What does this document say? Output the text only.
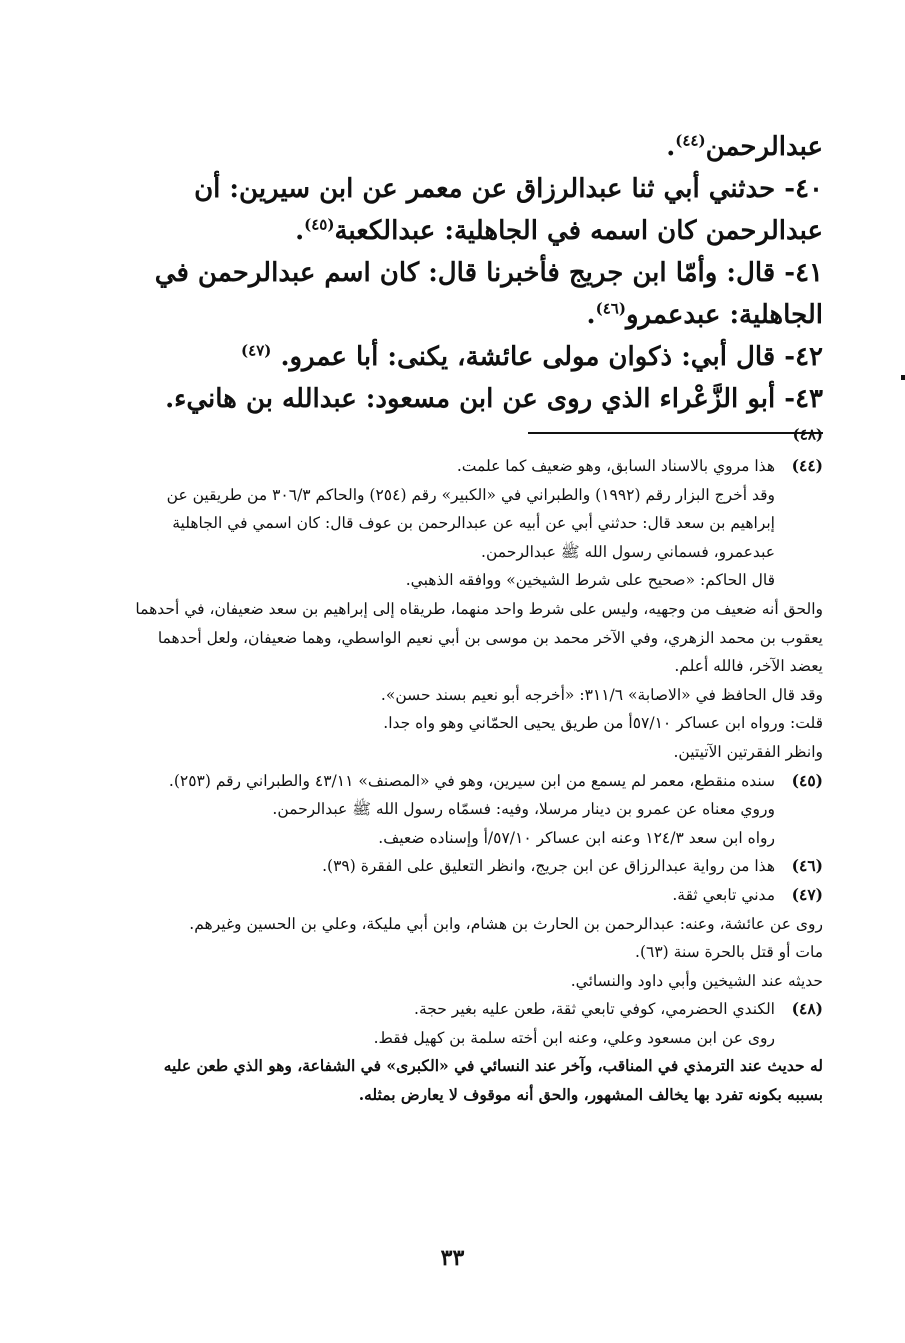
عبدالرحمن$^{(٤٤)}$.

٤٠- حدثني أبي ثنا عبدالرزاق عن معمر عن ابن سيرين: أن عبدالرحمن كان اسمه في الجاهلية: عبدالكعبة$^{(٤٥)}$.

٤١- قال: وأمّا ابن جريج فأخبرنا قال: كان اسم عبدالرحمن في الجاهلية: عبدعمرو$^{(٤٦)}$.

٤٢- قال أبي: ذكوان مولى عائشة، يكنى: أبا عمرو. $^{(٤٧)}$

٤٣- أبو الزَّعْراء الذي روى عن ابن مسعود: عبدالله بن هانيء. $^{(٤٨)}$

(٤٤)

هذا مروي بالاسناد السابق، وهو ضعيف كما علمت.

وقد أخرج البزار رقم (١٩٩٢) والطبراني في «الكبير» رقم (٢٥٤) والحاكم ٣٠٦/٣ من طريقين عن إبراهيم بن سعد قال: حدثني أبي عن أبيه عن عبدالرحمن بن عوف قال: كان اسمي في الجاهلية عبدعمرو، فسماني رسول الله ﷺ عبدالرحمن.

قال الحاكم: «صحيح على شرط الشيخين» ووافقه الذهبي.

والحق أنه ضعيف من وجهيه، وليس على شرط واحد منهما، طريقاه إلى إبراهيم بن سعد ضعيفان، في أحدهما يعقوب بن محمد الزهري، وفي الآخر محمد بن موسى بن أبي نعيم الواسطي، وهما ضعيفان، ولعل أحدهما يعضد الآخر، فالله أعلم.

وقد قال الحافظ في «الاصابة» ٣١١/٦: «أخرجه أبو نعيم بسند حسن».

قلت: ورواه ابن عساكر ٥٧/١٠أ من طريق يحيى الحمّاني وهو واه جدا.

وانظر الفقرتين الآتيتين.

(٤٥)

سنده منقطع، معمر لم يسمع من ابن سيرين، وهو في «المصنف» ٤٣/١١ والطبراني رقم (٢٥٣).

وروي معناه عن عمرو بن دينار مرسلا، وفيه: فسمّاه رسول الله ﷺ عبدالرحمن.

رواه ابن سعد ١٢٤/٣ وعنه ابن عساكر ٥٧/١٠/أ وإسناده ضعيف.

(٤٦)

هذا من رواية عبدالرزاق عن ابن جريج، وانظر التعليق على الفقرة (٣٩).

(٤٧)

مدني تابعي ثقة.

روى عن عائشة، وعنه: عبدالرحمن بن الحارث بن هشام، وابن أبي مليكة، وعلي بن الحسين وغيرهم.

مات أو قتل بالحرة سنة (٦٣).

حديثه عند الشيخين وأبي داود والنسائي.

(٤٨)

الكندي الحضرمي، كوفي تابعي ثقة، طعن عليه بغير حجة.

روى عن ابن مسعود وعلي، وعنه ابن أخته سلمة بن كهيل فقط.

له حديث عند الترمذي في المناقب، وآخر عند النسائي في «الكبرى» في الشفاعة، وهو الذي طعن عليه بسببه بكونه تفرد بها يخالف المشهور، والحق أنه موقوف لا يعارض بمثله.

٣٣
